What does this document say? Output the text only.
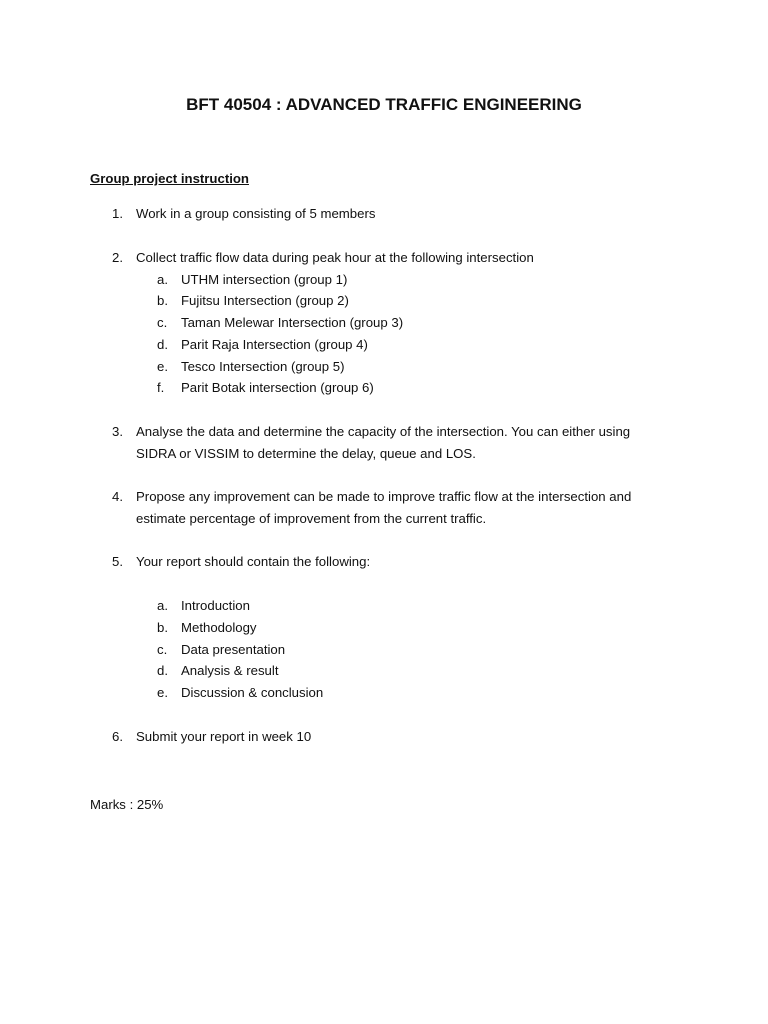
BFT 40504 : ADVANCED TRAFFIC ENGINEERING

Group project instruction

1. Work in a group consisting of 5 members
2. Collect traffic flow data during peak hour at the following intersection
a. UTHM intersection (group 1)
b. Fujitsu Intersection (group 2)
c. Taman Melewar Intersection (group 3)
d. Parit Raja Intersection (group 4)
e. Tesco Intersection (group 5)
f. Parit Botak intersection (group 6)
3. Analyse the data and determine the capacity of the intersection. You can either using SIDRA or VISSIM to determine the delay, queue and LOS.
4. Propose any improvement can be made to improve traffic flow at the intersection and estimate percentage of improvement from the current traffic.
5. Your report should contain the following:
a. Introduction
b. Methodology
c. Data presentation
d. Analysis & result
e. Discussion & conclusion
6. Submit your report in week 10

Marks : 25%
